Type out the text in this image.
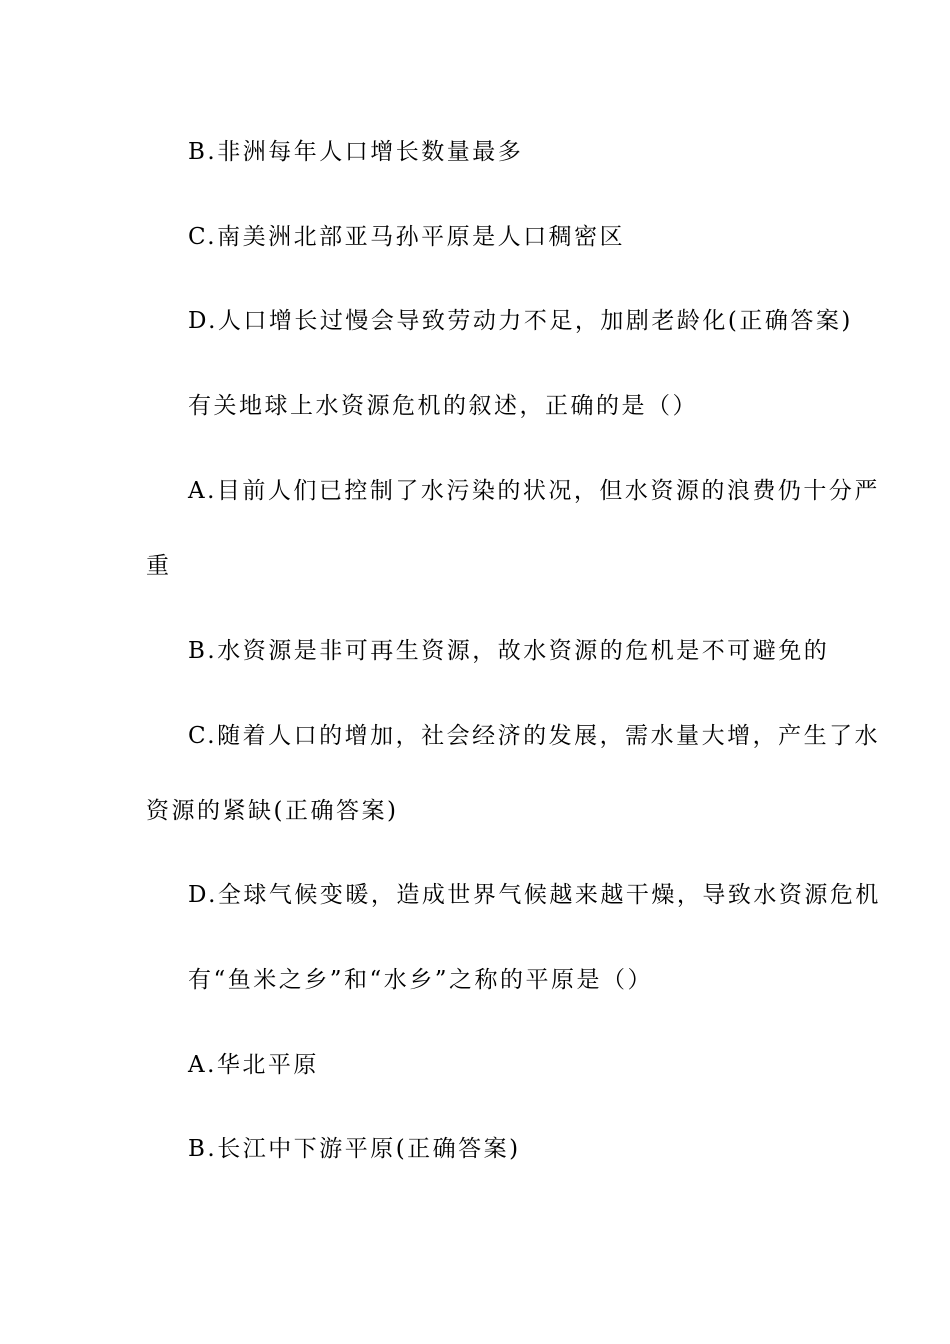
B.非洲每年人口增长数量最多
C.南美洲北部亚马孙平原是人口稠密区
D.人口增长过慢会导致劳动力不足，加剧老龄化(正确答案)
有关地球上水资源危机的叙述，正确的是（）
A.目前人们已控制了水污染的状况，但水资源的浪费仍十分严
重
B.水资源是非可再生资源，故水资源的危机是不可避免的
C.随着人口的增加，社会经济的发展，需水量大增，产生了水
资源的紧缺(正确答案)
D.全球气候变暖，造成世界气候越来越干燥，导致水资源危机
有“鱼米之乡”和“水乡”之称的平原是（）
A.华北平原
B.长江中下游平原(正确答案)
